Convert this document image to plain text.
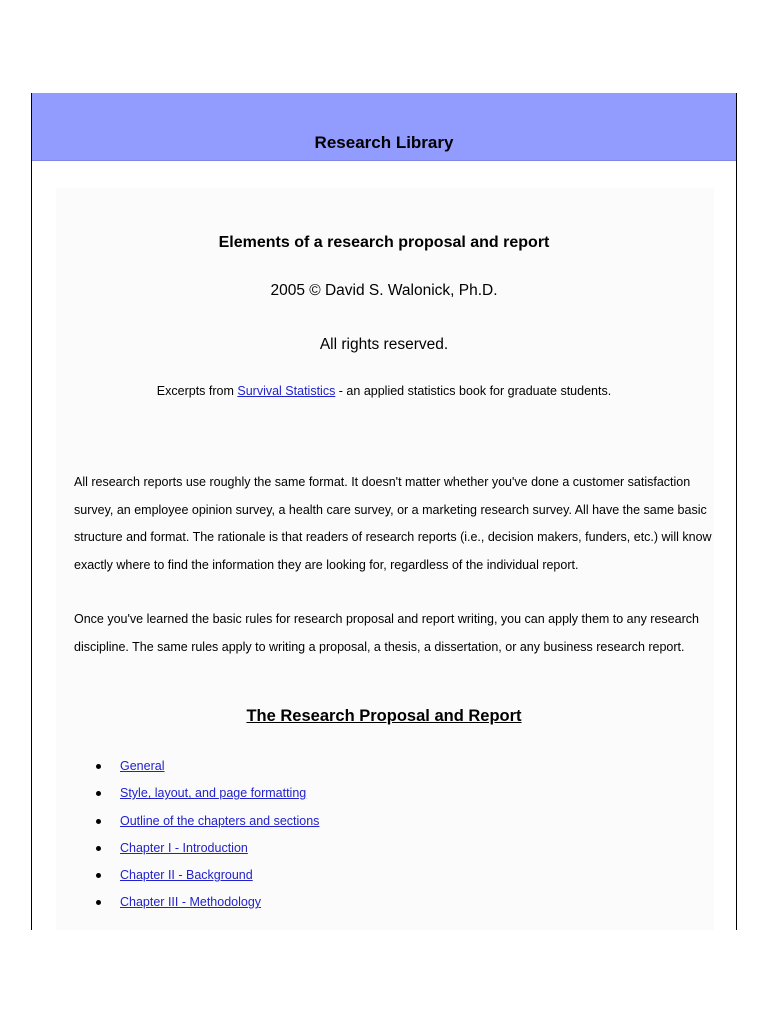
Research Library
Elements of a research proposal and report
2005 © David S. Walonick, Ph.D.
All rights reserved.
Excerpts from Survival Statistics - an applied statistics book for graduate students.

All research reports use roughly the same format. It doesn't matter whether you've done a customer satisfaction survey, an employee opinion survey, a health care survey, or a marketing research survey. All have the same basic structure and format. The rationale is that readers of research reports (i.e., decision makers, funders, etc.) will know exactly where to find the information they are looking for, regardless of the individual report.

Once you've learned the basic rules for research proposal and report writing, you can apply them to any research discipline. The same rules apply to writing a proposal, a thesis, a dissertation, or any business research report.

The Research Proposal and Report
General
Style, layout, and page formatting
Outline of the chapters and sections
Chapter I - Introduction
Chapter II - Background
Chapter III - Methodology
